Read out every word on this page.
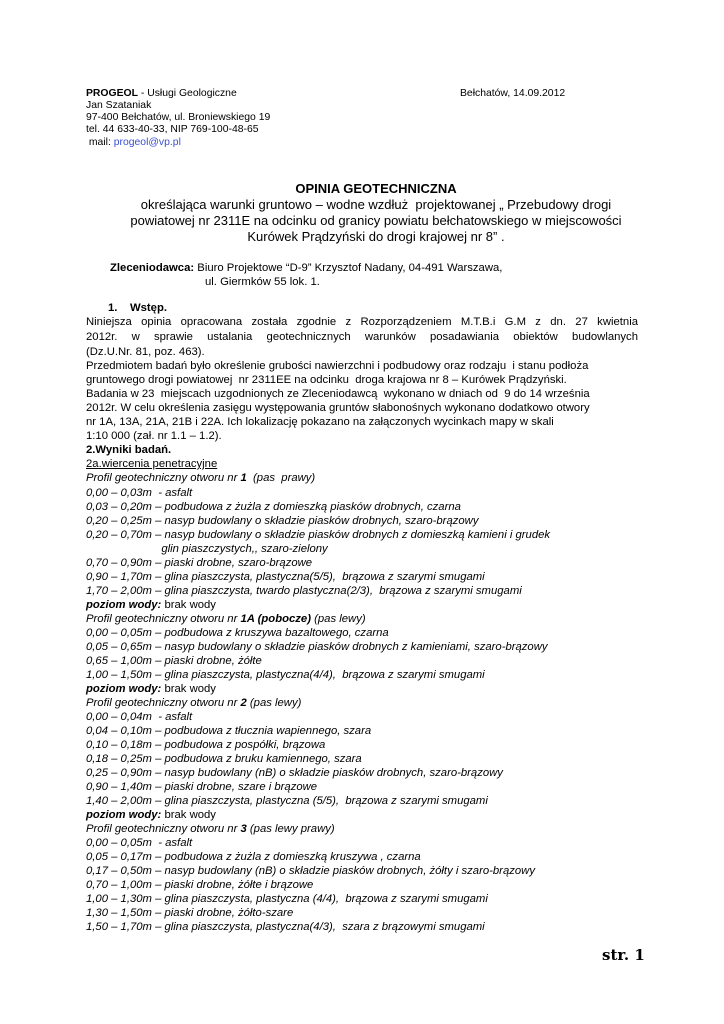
PROGEOL - Usługi Geologiczne	Bełchatów, 14.09.2012
Jan Szataniak
97-400 Bełchatów, ul. Broniewskiego 19
tel. 44 633-40-33, NIP 769-100-48-65
mail: progeol@vp.pl
OPINIA GEOTECHNICZNA
określająca warunki gruntowo – wodne wzdłuż  projektowanej „ Przebudowy drogi
powiatowej nr 2311E na odcinku od granicy powiatu bełchatowskiego w miejscowości
Kurówek Prądzyński do drogi krajowej nr 8” .
Zleceniodawca: Biuro Projektowe “D-9” Krzysztof Nadany, 04-491 Warszawa,
ul. Giermków 55 lok. 1.
1.    Wstęp.
Niniejsza opinia opracowana została zgodnie z Rozporządzeniem M.T.B.i G.M z dn. 27 kwietnia
2012r. w sprawie ustalania geotechnicznych warunków posadawiania obiektów budowlanych
(Dz.U.Nr. 81, poz. 463).
Przedmiotem badań było określenie grubości nawierzchni i podbudowy oraz rodzaju  i stanu podłoża
gruntowego drogi powiatowej  nr 2311EE na odcinku  droga krajowa nr 8 – Kurówek Prądzyński.
Badania w 23  miejscach uzgodnionych ze Zleceniodawcą  wykonano w dniach od  9 do 14 września
2012r. W celu określenia zasięgu występowania gruntów słabonośnych wykonano dodatkowo otwory
nr 1A, 13A, 21A, 21B i 22A. Ich lokalizację pokazano na załączonych wycinkach mapy w skali
1:10 000 (zał. nr 1.1 – 1.2).
2.Wyniki badań.
2a.wiercenia penetracyjne
Profil geotechniczny otworu nr 1  (pas  prawy)
0,00 – 0,03m  - asfalt
0,03 – 0,20m – podbudowa z żużla z domieszką piasków drobnych, czarna
0,20 – 0,25m – nasyp budowlany o składzie piasków drobnych, szaro-brązowy
0,20 – 0,70m – nasyp budowlany o składzie piasków drobnych z domieszką kamieni i grudek
glin piaszczystych,, szaro-zielony
0,70 – 0,90m – piaski drobne, szaro-brązowe
0,90 – 1,70m – glina piaszczysta, plastyczna(5/5),  brązowa z szarymi smugami
1,70 – 2,00m – glina piaszczysta, twardo plastyczna(2/3),  brązowa z szarymi smugami
poziom wody: brak wody
Profil geotechniczny otworu nr 1A (pobocze) (pas lewy)
0,00 – 0,05m – podbudowa z kruszywa bazaltowego, czarna
0,05 – 0,65m – nasyp budowlany o składzie piasków drobnych z kamieniami, szaro-brązowy
0,65 – 1,00m – piaski drobne, żółte
1,00 – 1,50m – glina piaszczysta, plastyczna(4/4),  brązowa z szarymi smugami
poziom wody: brak wody
Profil geotechniczny otworu nr 2 (pas lewy)
0,00 – 0,04m  - asfalt
0,04 – 0,10m – podbudowa z tłucznia wapiennego, szara
0,10 – 0,18m – podbudowa z pospółki, brązowa
0,18 – 0,25m – podbudowa z bruku kamiennego, szara
0,25 – 0,90m – nasyp budowlany (nB) o składzie piasków drobnych, szaro-brązowy
0,90 – 1,40m – piaski drobne, szare i brązowe
1,40 – 2,00m – glina piaszczysta, plastyczna (5/5),  brązowa z szarymi smugami
poziom wody: brak wody
Profil geotechniczny otworu nr 3 (pas lewy prawy)
0,00 – 0,05m  - asfalt
0,05 – 0,17m – podbudowa z żużla z domieszką kruszywa , czarna
0,17 – 0,50m – nasyp budowlany (nB) o składzie piasków drobnych, żółty i szaro-brązowy
0,70 – 1,00m – piaski drobne, żółte i brązowe
1,00 – 1,30m – glina piaszczysta, plastyczna (4/4),  brązowa z szarymi smugami
1,30 – 1,50m – piaski drobne, żółto-szare
1,50 – 1,70m – glina piaszczysta, plastyczna(4/3),  szara z brązowymi smugami
str. 1
